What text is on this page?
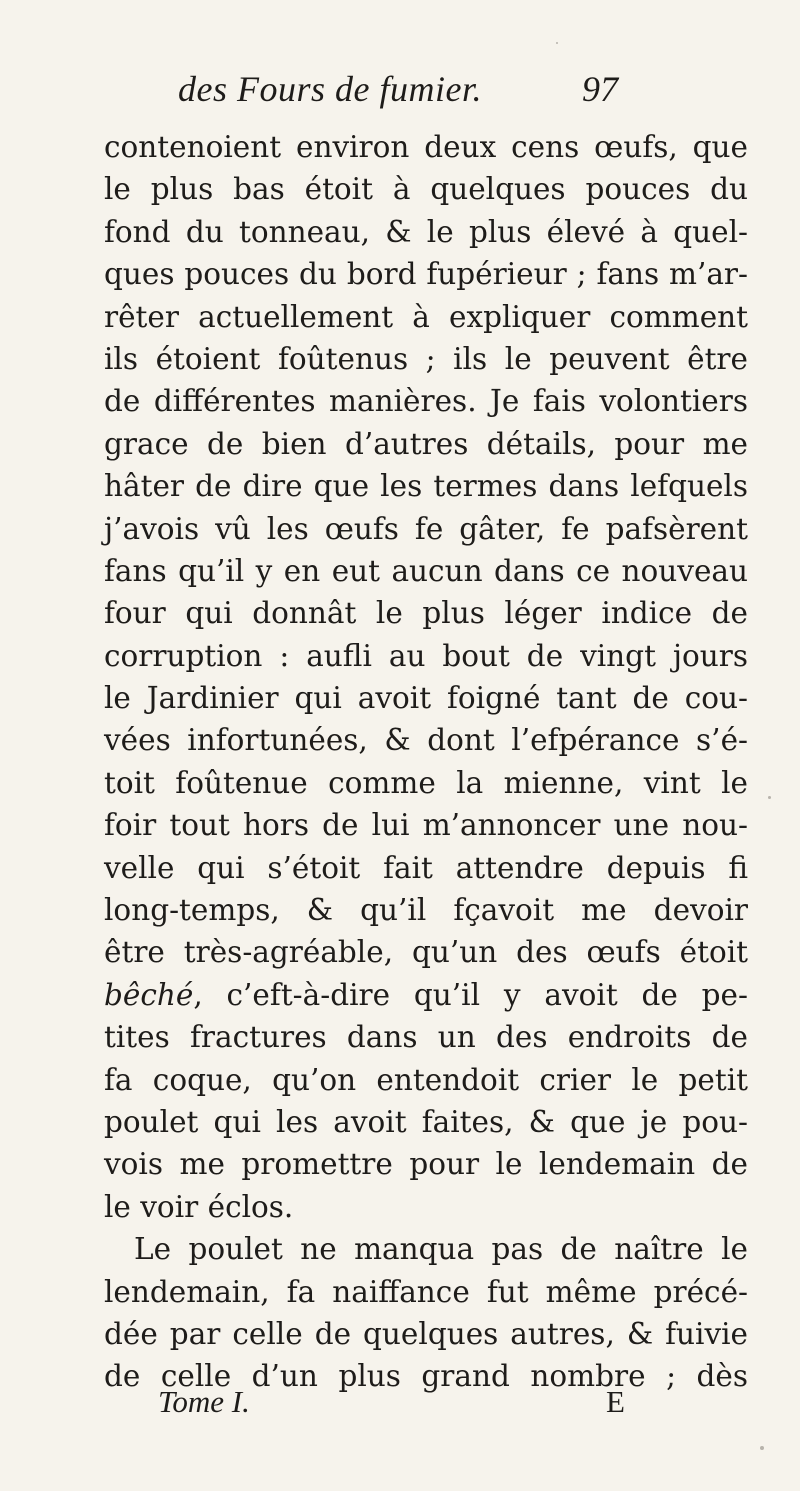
des Fours de fumier.	97
contenoient environ deux cens œufs, que
le plus bas étoit à quelques pouces du
fond du tonneau, & le plus élevé à quel-
ques pouces du bord fupérieur ; fans m’ar-
rêter actuellement à expliquer comment
ils étoient foûtenus ; ils le peuvent être
de différentes manières. Je fais volontiers
grace de bien d’autres détails, pour me
hâter de dire que les termes dans lefquels
j’avois vû les œufs fe gâter, fe pafsèrent
fans qu’il y en eut aucun dans ce nouveau
four qui donnât le plus léger indice de
corruption : aufli au bout de vingt jours
le Jardinier qui avoit foigné tant de cou-
vées infortunées, & dont l’efpérance s’é-
toit foûtenue comme la mienne, vint le
foir tout hors de lui m’annoncer une nou-
velle qui s’étoit fait attendre depuis fi
long-temps, & qu’il fçavoit me devoir
être très-agréable, qu’un des œufs étoit
bêché, c’eft-à-dire qu’il y avoit de pe-
tites fractures dans un des endroits de
fa coque, qu’on entendoit crier le petit
poulet qui les avoit faites, & que je pou-
vois me promettre pour le lendemain de
le voir éclos.
Le poulet ne manqua pas de naître le
lendemain, fa naiffance fut même précé-
dée par celle de quelques autres, & fuivie
de celle d’un plus grand nombre ; dès
Tome I.	E
